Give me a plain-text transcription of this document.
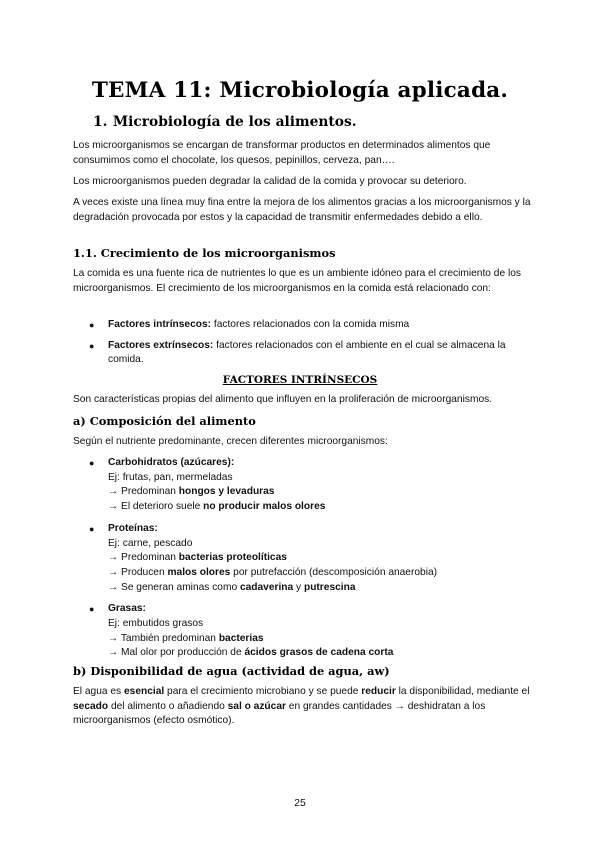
TEMA 11: Microbiología aplicada.
1. Microbiología de los alimentos.
Los microorganismos se encargan de transformar productos en determinados alimentos que consumimos como el chocolate, los quesos, pepinillos, cerveza, pan….
Los microorganismos pueden degradar la calidad de la comida y provocar su deterioro.
A veces existe una línea muy fina entre la mejora de los alimentos gracias a los microorganismos y la degradación provocada por estos y la capacidad de transmitir enfermedades debido a ello.
1.1. Crecimiento de los microorganismos
La comida es una fuente rica de nutrientes lo que es un ambiente idóneo para el crecimiento de los microorganismos. El crecimiento de los microorganismos en la comida está relacionado con:
● Factores intrínsecos: factores relacionados con la comida misma
● Factores extrínsecos: factores relacionados con el ambiente en el cual se almacena la comida.
FACTORES INTRÍNSECOS
Son características propias del alimento que influyen en la proliferación de microorganismos.
a) Composición del alimento
Según el nutriente predominante, crecen diferentes microorganismos:
● Carbohidratos (azúcares):
Ej: frutas, pan, mermeladas
→ Predominan hongos y levaduras
→ El deterioro suele no producir malos olores
● Proteínas:
Ej: carne, pescado
→ Predominan bacterias proteolíticas
→ Producen malos olores por putrefacción (descomposición anaerobia)
→ Se generan aminas como cadaverina y putrescina
● Grasas:
Ej: embutidos grasos
→ También predominan bacterias
→ Mal olor por producción de ácidos grasos de cadena corta
b) Disponibilidad de agua (actividad de agua, aw)
El agua es esencial para el crecimiento microbiano y se puede reducir la disponibilidad, mediante el secado del alimento o añadiendo sal o azúcar en grandes cantidades → deshidratan a los microorganismos (efecto osmótico).
25
